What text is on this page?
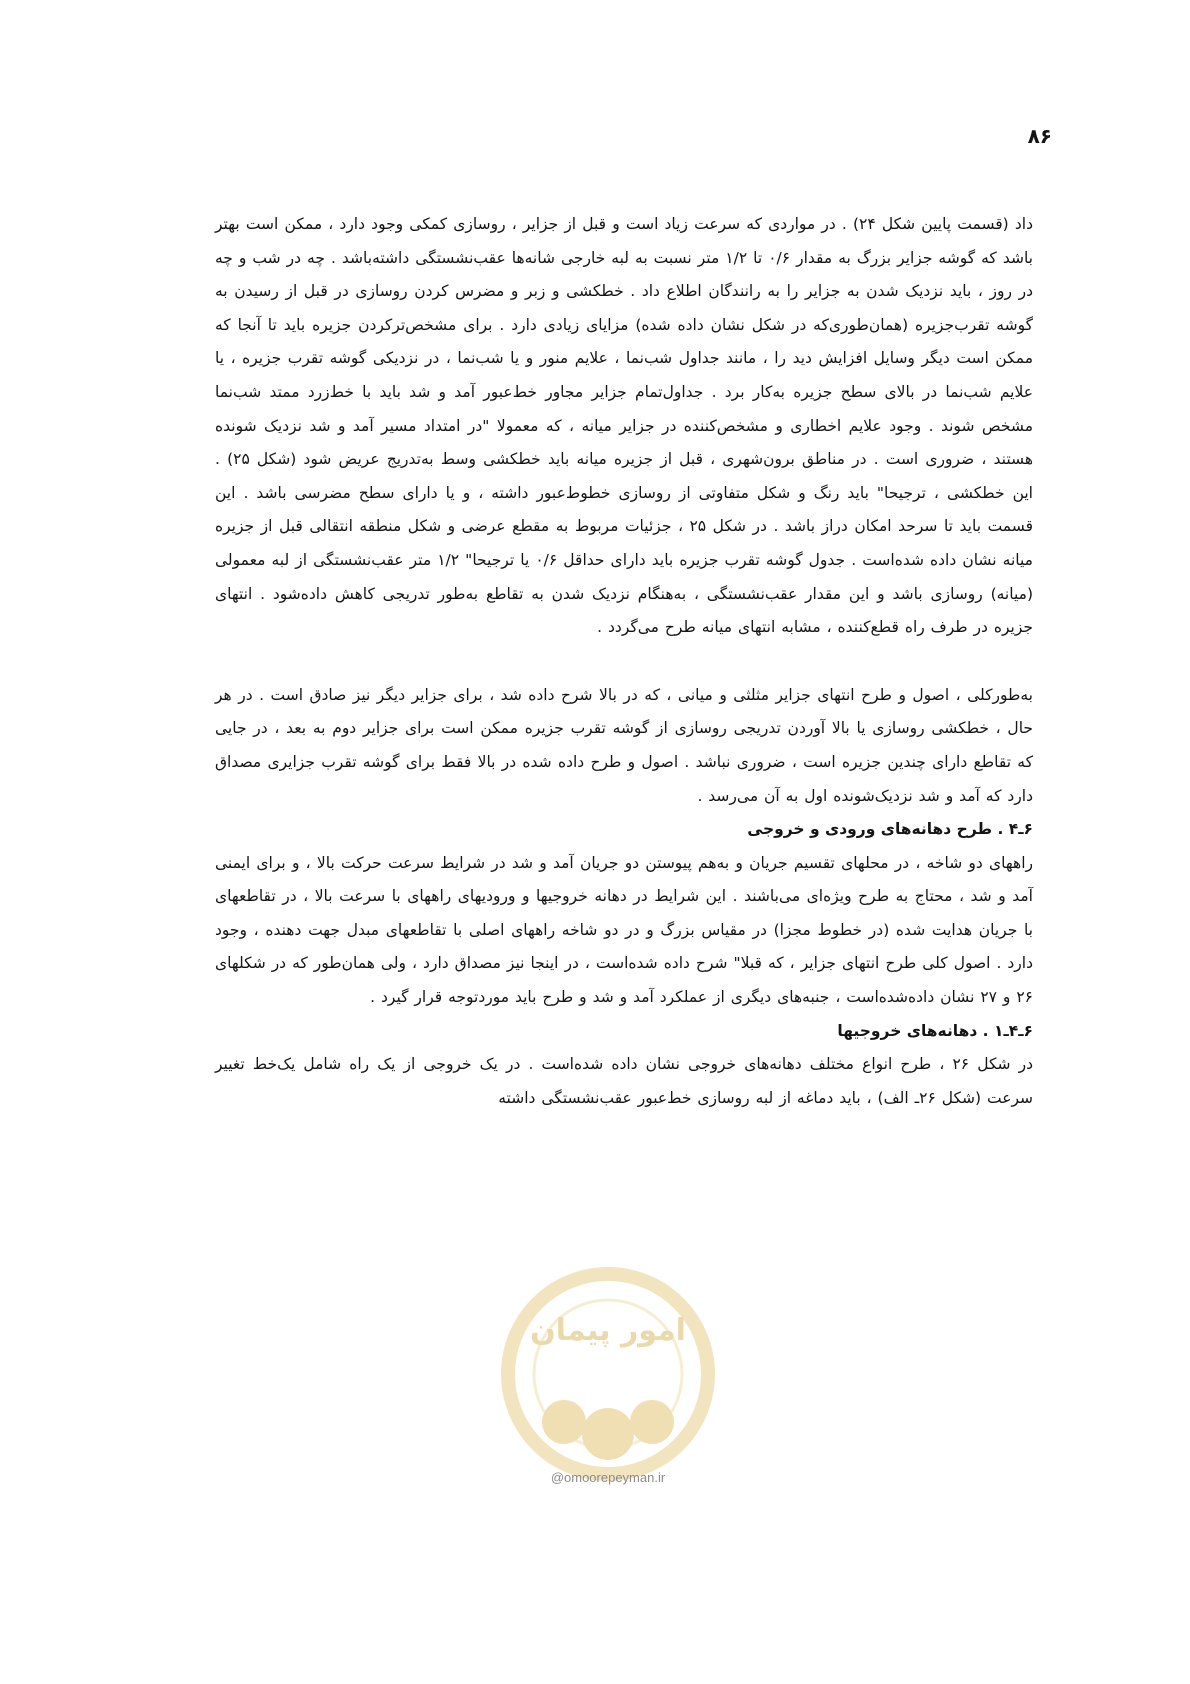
۸۶

داد (قسمت پایین شکل ۲۴) . در مواردی که سرعت زیاد است و قبل از جزایر ، روسازی کمکی وجود دارد ، ممکن است بهتر باشد که گوشه جزایر بزرگ به مقدار ۰/۶ تا ۱/۲ متر نسبت به لبه خارجی شانه‌ها عقب‌نشستگی داشته‌باشد . چه در شب و چه در روز ، باید نزدیک شدن به جزایر را به رانندگان اطلاع داد . خطکشی و زبر و مضرس کردن روسازی در قبل از رسیدن به گوشه تقرب‌جزیره (همان‌طوری‌که در شکل نشان داده شده) مزایای زیادی دارد . برای مشخص‌ترکردن جزیره باید تا آنجا که ممکن است دیگر وسایل افزایش دید را ، مانند جداول شب‌نما ، علایم منور و یا شب‌نما ، در نزدیکی گوشه تقرب جزیره ، یا علایم شب‌نما در بالای سطح جزیره به‌کار برد . جداول‌تمام جزایر مجاور خط‌عبور آمد و شد باید با خط‌زرد ممتد شب‌نما مشخص شوند . وجود علایم اخطاری و مشخص‌کننده در جزایر میانه ، که معمولا "در امتداد مسیر آمد و شد نزدیک شونده هستند ، ضروری است . در مناطق برون‌شهری ، قبل از جزیره میانه باید خطکشی وسط به‌تدریج عریض شود (شکل ۲۵) . این خطکشی ، ترجیحا" باید رنگ و شکل متفاوتی از روسازی خطوط‌عبور داشته ، و یا دارای سطح مضرسی باشد . این قسمت باید تا سرحد امکان دراز باشد . در شکل ۲۵ ، جزئیات مربوط به مقطع عرضی و شکل منطقه انتقالی قبل از جزیره میانه نشان داده شده‌است . جدول گوشه تقرب جزیره باید دارای حداقل ۰/۶ یا ترجیحا" ۱/۲ متر عقب‌نشستگی از لبه معمولی (میانه) روسازی باشد و این مقدار عقب‌نشستگی ، به‌هنگام نزدیک شدن به تقاطع به‌طور تدریجی کاهش داده‌شود . انتهای جزیره در طرف راه قطع‌کننده ، مشابه انتهای میانه طرح می‌گردد .

به‌طورکلی ، اصول و طرح انتهای جزایر مثلثی و میانی ، که در بالا شرح داده شد ، برای جزایر دیگر نیز صادق است . در هر حال ، خطکشی روسازی یا بالا آوردن تدریجی روسازی از گوشه تقرب جزیره ممکن است برای جزایر دوم به بعد ، در جایی که تقاطع دارای چندین جزیره است ، ضروری نباشد . اصول و طرح داده شده در بالا فقط برای گوشه تقرب جزایری مصداق دارد که آمد و شد نزدیک‌شونده اول به آن می‌رسد .

۶ـ۴ . طرح دهانه‌های ورودی و خروجی

راههای دو شاخه ، در محلهای تقسیم جریان و به‌هم پیوستن دو جریان آمد و شد در شرایط سرعت حرکت بالا ، و برای ایمنی آمد و شد ، محتاج به طرح ویژه‌ای می‌باشند . این شرایط در دهانه خروجیها و ورودیهای راههای با سرعت بالا ، در تقاطعهای با جریان هدایت شده (در خطوط مجزا) در مقیاس بزرگ و در دو شاخه راههای اصلی با تقاطعهای مبدل جهت دهنده ، وجود دارد . اصول کلی طرح انتهای جزایر ، که قبلا" شرح داده شده‌است ، در اینجا نیز مصداق دارد ، ولی همان‌طور که در شکلهای ۲۶ و ۲۷ نشان داده‌شده‌است ، جنبه‌های دیگری از عملکرد آمد و شد و طرح باید موردتوجه قرار گیرد .

۶ـ۴ـ۱ . دهانه‌های خروجیها

در شکل ۲۶ ، طرح انواع مختلف دهانه‌های خروجی نشان داده شده‌است . در یک خروجی از یک راه شامل یک‌خط تغییر سرعت (شکل ۲۶ـ الف) ، باید دماغه از لبه روسازی خط‌عبور عقب‌نشستگی داشته

امور پیمان
@omoorepeyman.ir
